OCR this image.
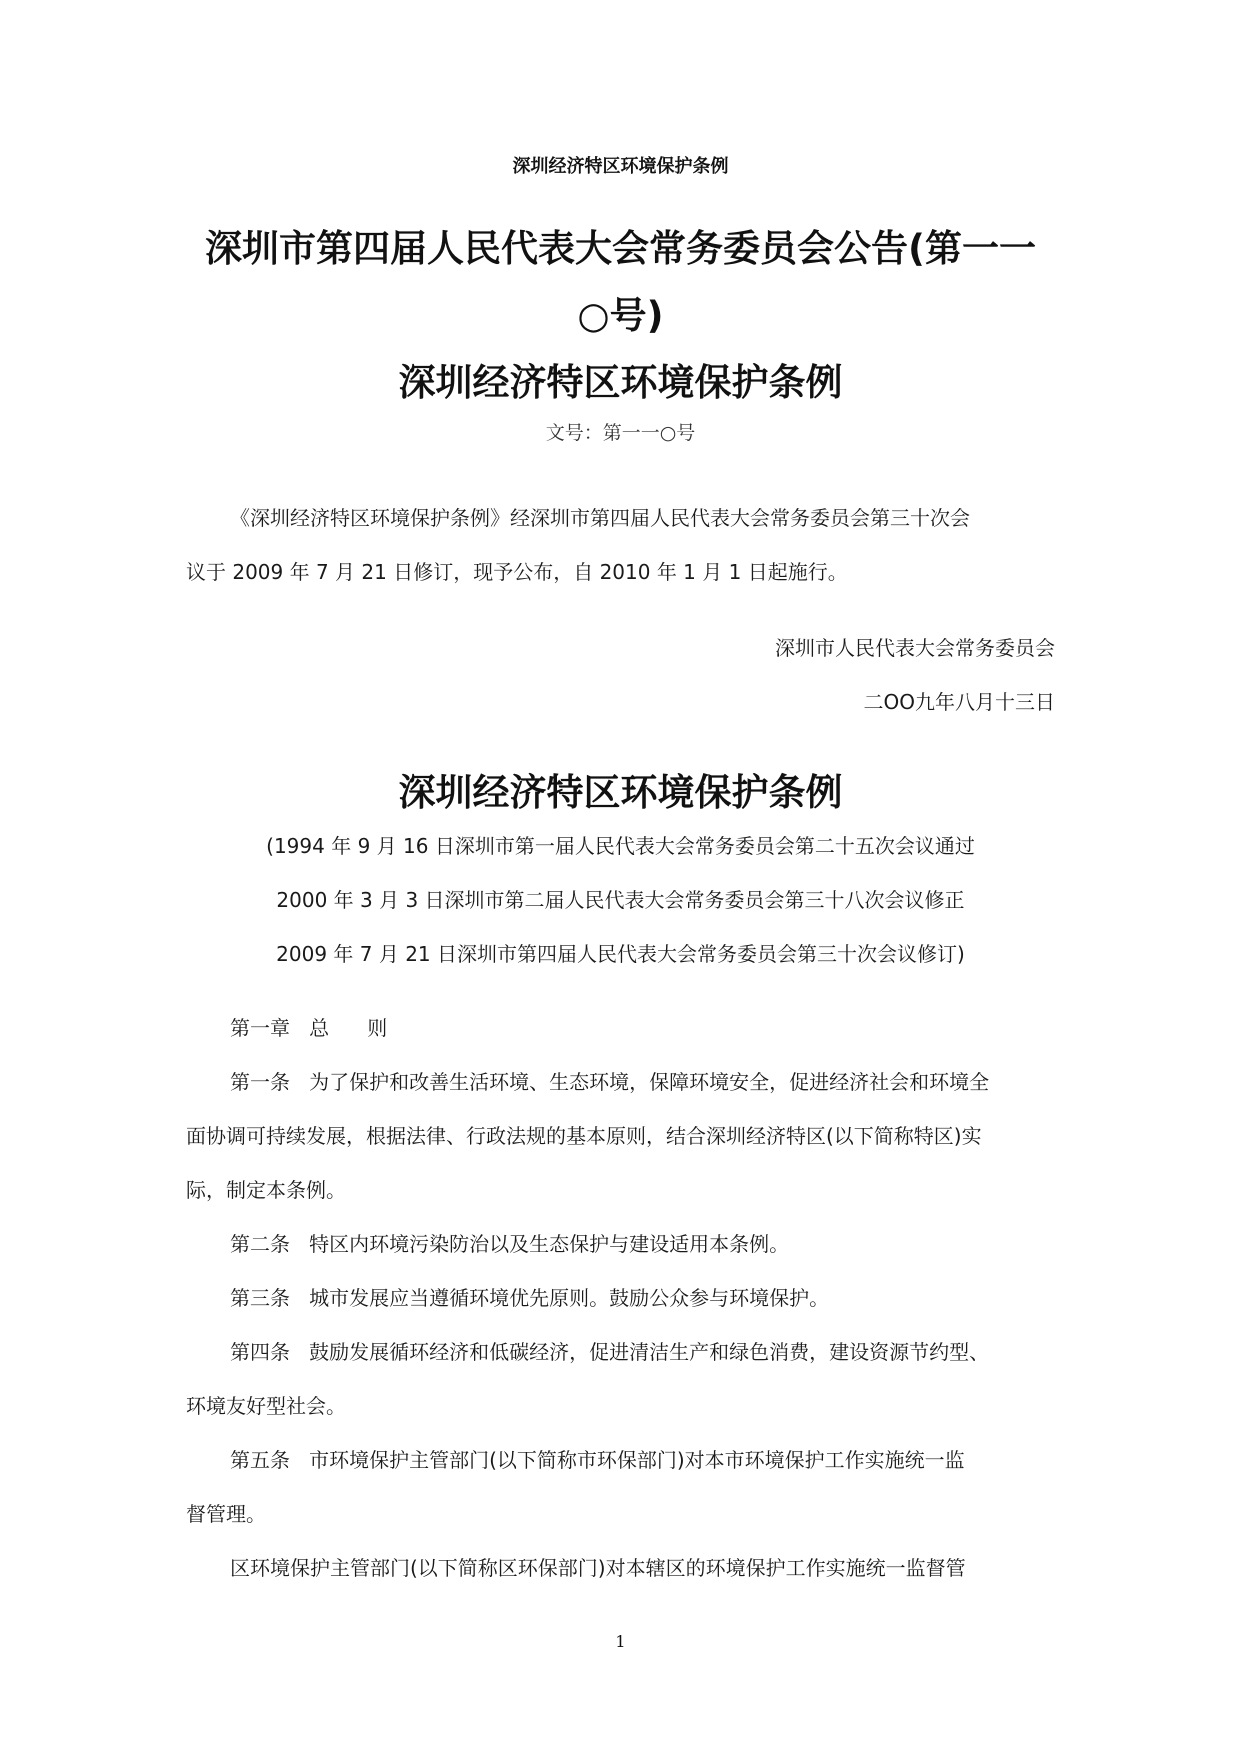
深圳经济特区环境保护条例
深圳市第四届人民代表大会常务委员会公告(第一一
○号)
深圳经济特区环境保护条例
文号：第一一○号
《深圳经济特区环境保护条例》经深圳市第四届人民代表大会常务委员会第三十次会
议于 2009 年 7 月 21 日修订，现予公布，自 2010 年 1 月 1 日起施行。
深圳市人民代表大会常务委员会
二OO九年八月十三日
深圳经济特区环境保护条例
(1994 年 9 月 16 日深圳市第一届人民代表大会常务委员会第二十五次会议通过
2000 年 3 月 3 日深圳市第二届人民代表大会常务委员会第三十八次会议修正
2009 年 7 月 21 日深圳市第四届人民代表大会常务委员会第三十次会议修订)
第一章   总      则
第一条   为了保护和改善生活环境、生态环境，保障环境安全，促进经济社会和环境全
面协调可持续发展，根据法律、行政法规的基本原则，结合深圳经济特区(以下简称特区)实
际，制定本条例。
第二条   特区内环境污染防治以及生态保护与建设适用本条例。
第三条   城市发展应当遵循环境优先原则。鼓励公众参与环境保护。
第四条   鼓励发展循环经济和低碳经济，促进清洁生产和绿色消费，建设资源节约型、
环境友好型社会。
第五条   市环境保护主管部门(以下简称市环保部门)对本市环境保护工作实施统一监
督管理。
区环境保护主管部门(以下简称区环保部门)对本辖区的环境保护工作实施统一监督管
1
